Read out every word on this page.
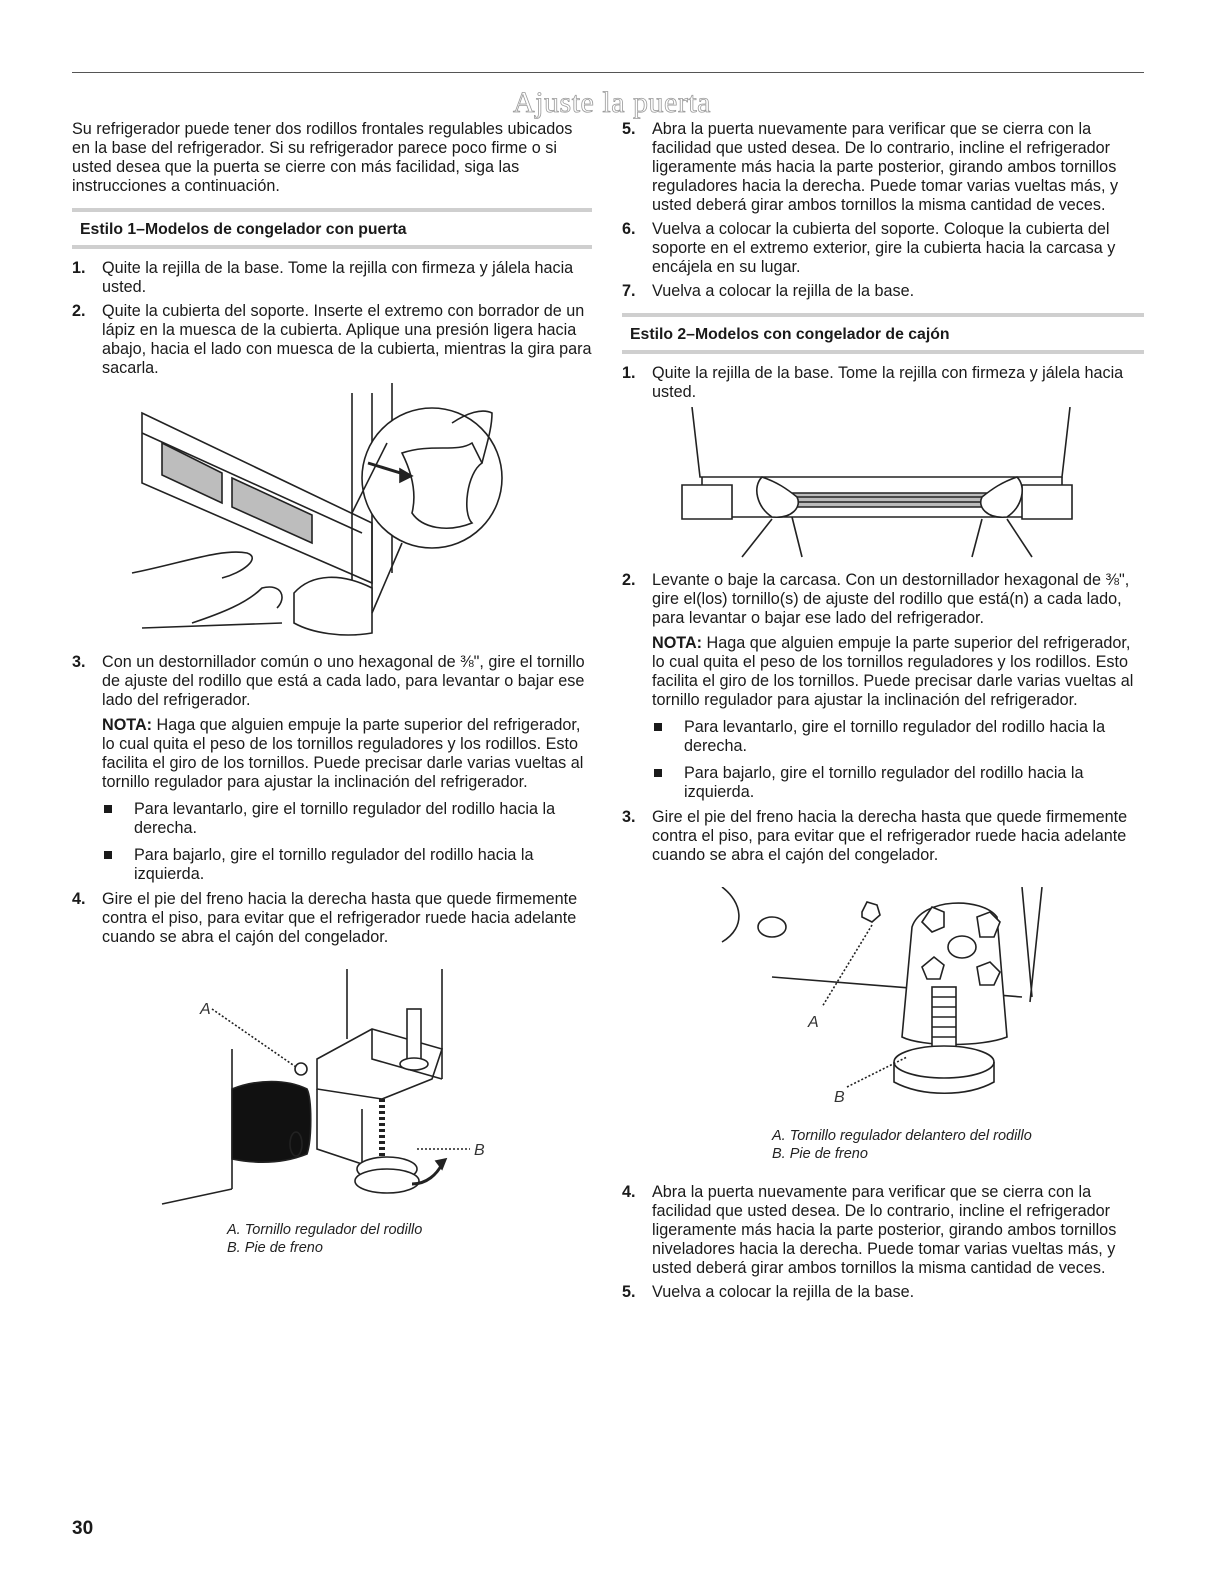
Ajuste la puerta

Su refrigerador puede tener dos rodillos frontales regulables ubicados en la base del refrigerador. Si su refrigerador parece poco firme o si usted desea que la puerta se cierre con más facilidad, siga las instrucciones a continuación.

Estilo 1–Modelos de congelador con puerta
1. Quite la rejilla de la base. Tome la rejilla con firmeza y jálela hacia usted.
2. Quite la cubierta del soporte. Inserte el extremo con borrador de un lápiz en la muesca de la cubierta. Aplique una presión ligera hacia abajo, hacia el lado con muesca de la cubierta, mientras la gira para sacarla.
3. Con un destornillador común o uno hexagonal de ⅜", gire el tornillo de ajuste del rodillo que está a cada lado, para levantar o bajar ese lado del refrigerador.

NOTA: Haga que alguien empuje la parte superior del refrigerador, lo cual quita el peso de los tornillos reguladores y los rodillos. Esto facilita el giro de los tornillos. Puede precisar darle varias vueltas al tornillo regulador para ajustar la inclinación del refrigerador.

Para levantarlo, gire el tornillo regulador del rodillo hacia la derecha.
Para bajarlo, gire el tornillo regulador del rodillo hacia la izquierda.
4. Gire el pie del freno hacia la derecha hasta que quede firmemente contra el piso, para evitar que el refrigerador ruede hacia adelante cuando se abra el cajón del congelador.
A
B
A. Tornillo regulador del rodillo
B. Pie de freno
5. Abra la puerta nuevamente para verificar que se cierra con la facilidad que usted desea. De lo contrario, incline el refrigerador ligeramente más hacia la parte posterior, girando ambos tornillos reguladores hacia la derecha. Puede tomar varias vueltas más, y usted deberá girar ambos tornillos la misma cantidad de veces.
6. Vuelva a colocar la cubierta del soporte. Coloque la cubierta del soporte en el extremo exterior, gire la cubierta hacia la carcasa y encájela en su lugar.
7. Vuelva a colocar la rejilla de la base.
Estilo 2–Modelos con congelador de cajón
1. Quite la rejilla de la base. Tome la rejilla con firmeza y jálela hacia usted.
2. Levante o baje la carcasa. Con un destornillador hexagonal de ⅜", gire el(los) tornillo(s) de ajuste del rodillo que está(n) a cada lado, para levantar o bajar ese lado del refrigerador.

NOTA: Haga que alguien empuje la parte superior del refrigerador, lo cual quita el peso de los tornillos reguladores y los rodillos. Esto facilita el giro de los tornillos. Puede precisar darle varias vueltas al tornillo regulador para ajustar la inclinación del refrigerador.

Para levantarlo, gire el tornillo regulador del rodillo hacia la derecha.
Para bajarlo, gire el tornillo regulador del rodillo hacia la izquierda.
3. Gire el pie del freno hacia la derecha hasta que quede firmemente contra el piso, para evitar que el refrigerador ruede hacia adelante cuando se abra el cajón del congelador.
A
B
A. Tornillo regulador delantero del rodillo
B. Pie de freno
4. Abra la puerta nuevamente para verificar que se cierra con la facilidad que usted desea. De lo contrario, incline el refrigerador ligeramente más hacia la parte posterior, girando ambos tornillos niveladores hacia la derecha. Puede tomar varias vueltas más, y usted deberá girar ambos tornillos la misma cantidad de veces.
5. Vuelva a colocar la rejilla de la base.
30
